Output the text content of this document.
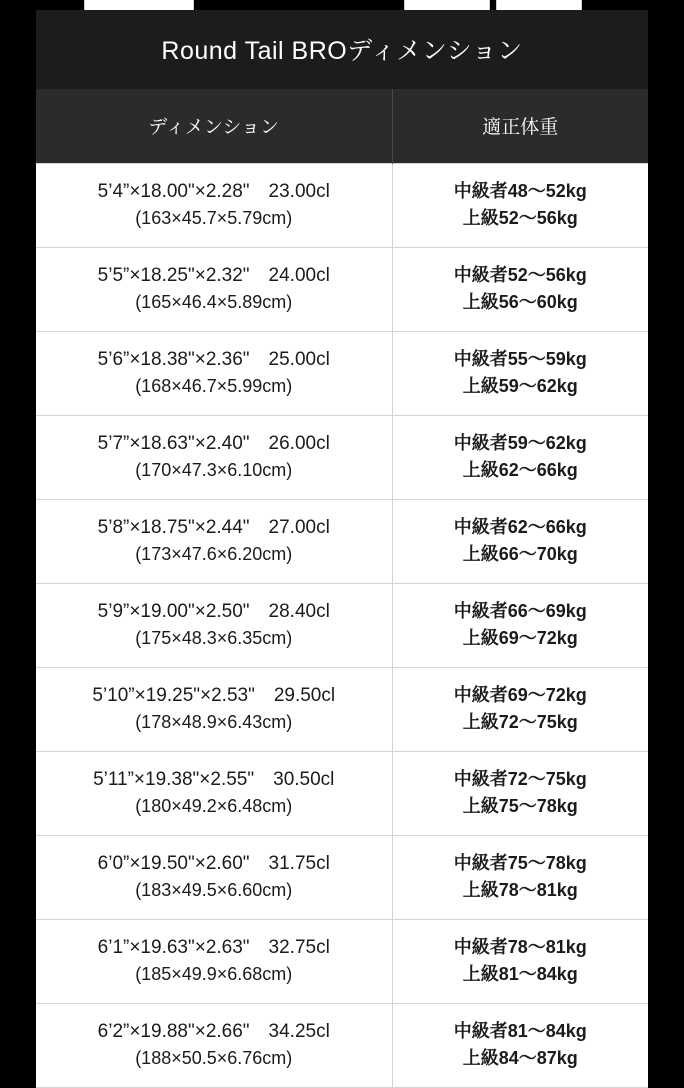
Round Tail BROディメンション
ディメンション	適正体重

5’4”×18.00"×2.28"　23.00cl
(163×45.7×5.79cm)	中級者48〜52kg
上級52〜56kg

5’5”×18.25"×2.32"　24.00cl
(165×46.4×5.89cm)	中級者52〜56kg
上級56〜60kg

5’6”×18.38"×2.36"　25.00cl
(168×46.7×5.99cm)	中級者55〜59kg
上級59〜62kg

5’7”×18.63"×2.40"　26.00cl
(170×47.3×6.10cm)	中級者59〜62kg
上級62〜66kg

5’8”×18.75"×2.44"　27.00cl
(173×47.6×6.20cm)	中級者62〜66kg
上級66〜70kg

5’9”×19.00"×2.50"　28.40cl
(175×48.3×6.35cm)	中級者66〜69kg
上級69〜72kg

5’10”×19.25"×2.53"　29.50cl
(178×48.9×6.43cm)	中級者69〜72kg
上級72〜75kg

5’11”×19.38"×2.55"　30.50cl
(180×49.2×6.48cm)	中級者72〜75kg
上級75〜78kg

6’0”×19.50"×2.60"　31.75cl
(183×49.5×6.60cm)	中級者75〜78kg
上級78〜81kg

6’1”×19.63"×2.63"　32.75cl
(185×49.9×6.68cm)	中級者78〜81kg
上級81〜84kg

6’2”×19.88"×2.66"　34.25cl
(188×50.5×6.76cm)	中級者81〜84kg
上級84〜87kg
